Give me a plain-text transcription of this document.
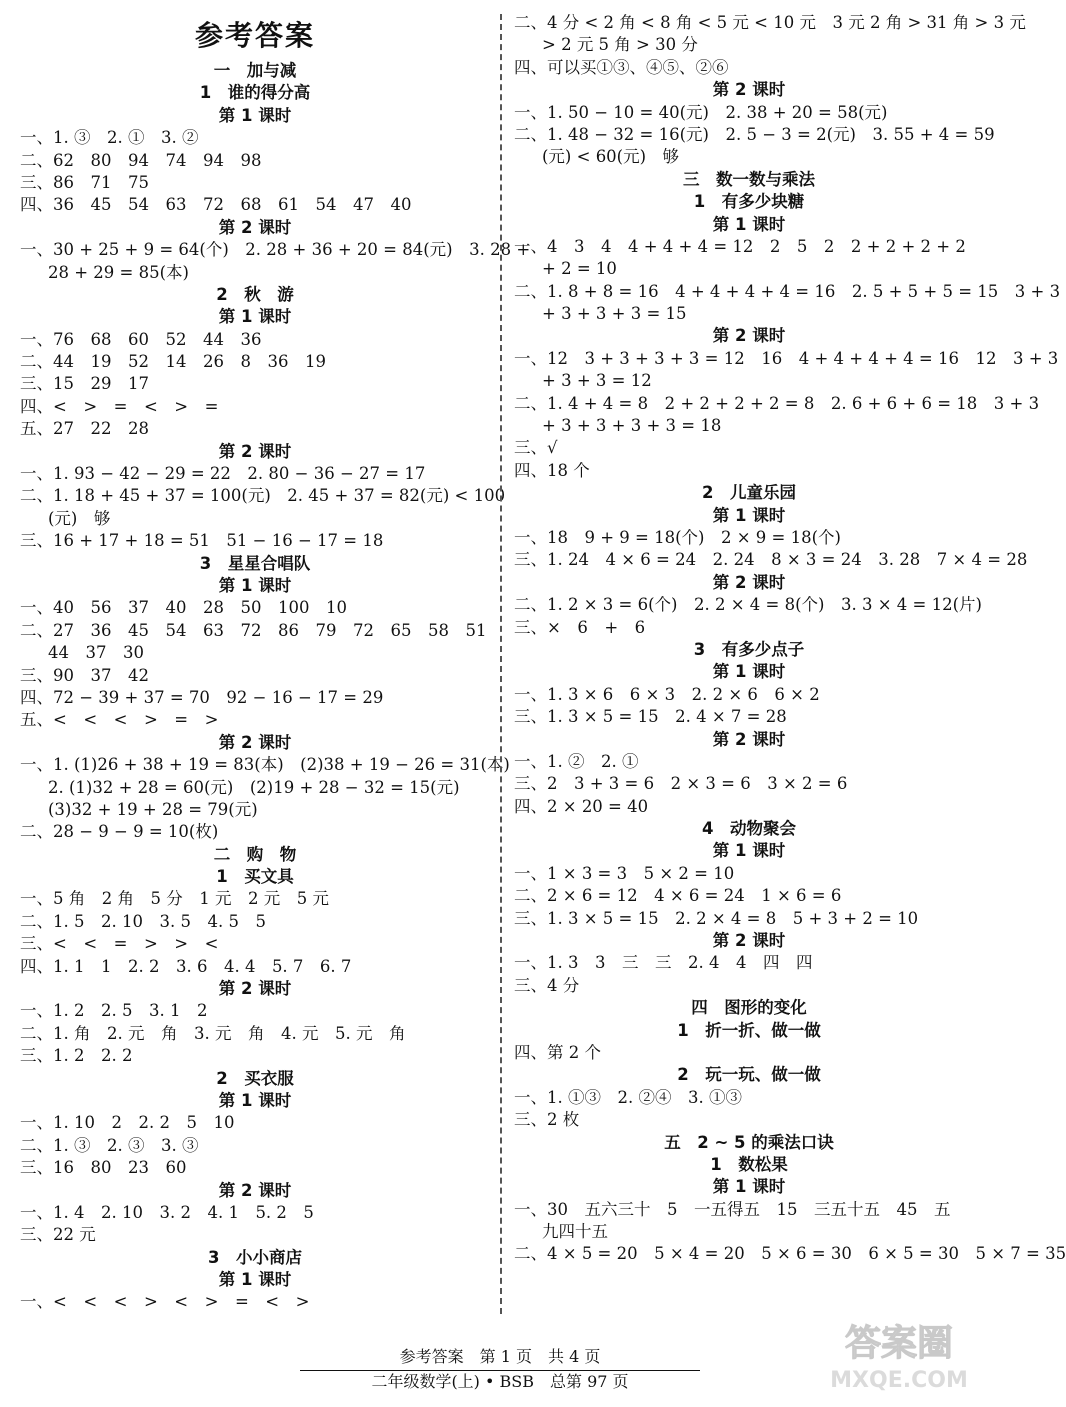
参考答案
一　加与减
1　谁的得分高
第 1 课时
一、1. ③　2. ①　3. ②
二、62　80　94　74　94　98
三、86　71　75
四、36　45　54　63　72　68　61　54　47　40
第 2 课时
一、30 + 25 + 9 = 64(个)　2. 28 + 36 + 20 = 84(元)　3. 28 +
28 + 29 = 85(本)
2　秋　游
第 1 课时
一、76　68　60　52　44　36
二、44　19　52　14　26　8　36　19
三、15　29　17
四、<　>　=　<　>　=
五、27　22　28
第 2 课时
一、1. 93 − 42 − 29 = 22　2. 80 − 36 − 27 = 17
二、1. 18 + 45 + 37 = 100(元)　2. 45 + 37 = 82(元) < 100
(元)　够
三、16 + 17 + 18 = 51　51 − 16 − 17 = 18
3　星星合唱队
第 1 课时
一、40　56　37　40　28　50　100　10
二、27　36　45　54　63　72　86　79　72　65　58　51
44　37　30
三、90　37　42
四、72 − 39 + 37 = 70　92 − 16 − 17 = 29
五、<　<　<　>　=　>
第 2 课时
一、1. (1)26 + 38 + 19 = 83(本)　(2)38 + 19 − 26 = 31(本)
2. (1)32 + 28 = 60(元)　(2)19 + 28 − 32 = 15(元)
(3)32 + 19 + 28 = 79(元)
二、28 − 9 − 9 = 10(枚)
二　购　物
1　买文具
一、5 角　2 角　5 分　1 元　2 元　5 元
二、1. 5　2. 10　3. 5　4. 5　5
三、<　<　=　>　>　<
四、1. 1　1　2. 2　3. 6　4. 4　5. 7　6. 7
第 2 课时
一、1. 2　2. 5　3. 1　2
二、1. 角　2. 元　角　3. 元　角　4. 元　5. 元　角
三、1. 2　2. 2
2　买衣服
第 1 课时
一、1. 10　2　2. 2　5　10
二、1. ③　2. ③　3. ③
三、16　80　23　60
第 2 课时
一、1. 4　2. 10　3. 2　4. 1　5. 2　5
三、22 元
3　小小商店
第 1 课时
一、<　<　<　>　<　>　=　<　>
二、4 分 < 2 角 < 8 角 < 5 元 < 10 元　3 元 2 角 > 31 角 > 3 元
> 2 元 5 角 > 30 分
四、可以买①③、④⑤、②⑥
第 2 课时
一、1. 50 − 10 = 40(元)　2. 38 + 20 = 58(元)
二、1. 48 − 32 = 16(元)　2. 5 − 3 = 2(元)　3. 55 + 4 = 59
(元) < 60(元)　够
三　数一数与乘法
1　有多少块糖
第 1 课时
一、4　3　4　4 + 4 + 4 = 12　2　5　2　2 + 2 + 2 + 2
+ 2 = 10
二、1. 8 + 8 = 16　4 + 4 + 4 + 4 = 16　2. 5 + 5 + 5 = 15　3 + 3
+ 3 + 3 + 3 = 15
第 2 课时
一、12　3 + 3 + 3 + 3 = 12　16　4 + 4 + 4 + 4 = 16　12　3 + 3
+ 3 + 3 = 12
二、1. 4 + 4 = 8　2 + 2 + 2 + 2 = 8　2. 6 + 6 + 6 = 18　3 + 3
+ 3 + 3 + 3 + 3 = 18
三、√
四、18 个
2　儿童乐园
第 1 课时
一、18　9 + 9 = 18(个)　2 × 9 = 18(个)
三、1. 24　4 × 6 = 24　2. 24　8 × 3 = 24　3. 28　7 × 4 = 28
第 2 课时
二、1. 2 × 3 = 6(个)　2. 2 × 4 = 8(个)　3. 3 × 4 = 12(片)
三、×　6　+　6
3　有多少点子
第 1 课时
一、1. 3 × 6　6 × 3　2. 2 × 6　6 × 2
三、1. 3 × 5 = 15　2. 4 × 7 = 28
第 2 课时
一、1. ②　2. ①
三、2　3 + 3 = 6　2 × 3 = 6　3 × 2 = 6
四、2 × 20 = 40
4　动物聚会
第 1 课时
一、1 × 3 = 3　5 × 2 = 10
二、2 × 6 = 12　4 × 6 = 24　1 × 6 = 6
三、1. 3 × 5 = 15　2. 2 × 4 = 8　5 + 3 + 2 = 10
第 2 课时
一、1. 3　3　三　三　2. 4　4　四　四
三、4 分
四　图形的变化
1　折一折、做一做
四、第 2 个
2　玩一玩、做一做
一、1. ①③　2. ②④　3. ①③
三、2 枚
五　2 ~ 5 的乘法口诀
1　数松果
第 1 课时
一、30　五六三十　5　一五得五　15　三五十五　45　五
九四十五
二、4 × 5 = 20　5 × 4 = 20　5 × 6 = 30　6 × 5 = 30　5 × 7 = 35
参考答案　第 1 页　共 4 页
二年级数学(上) • BSB　总第 97 页
答案圈
MXQE.COM
